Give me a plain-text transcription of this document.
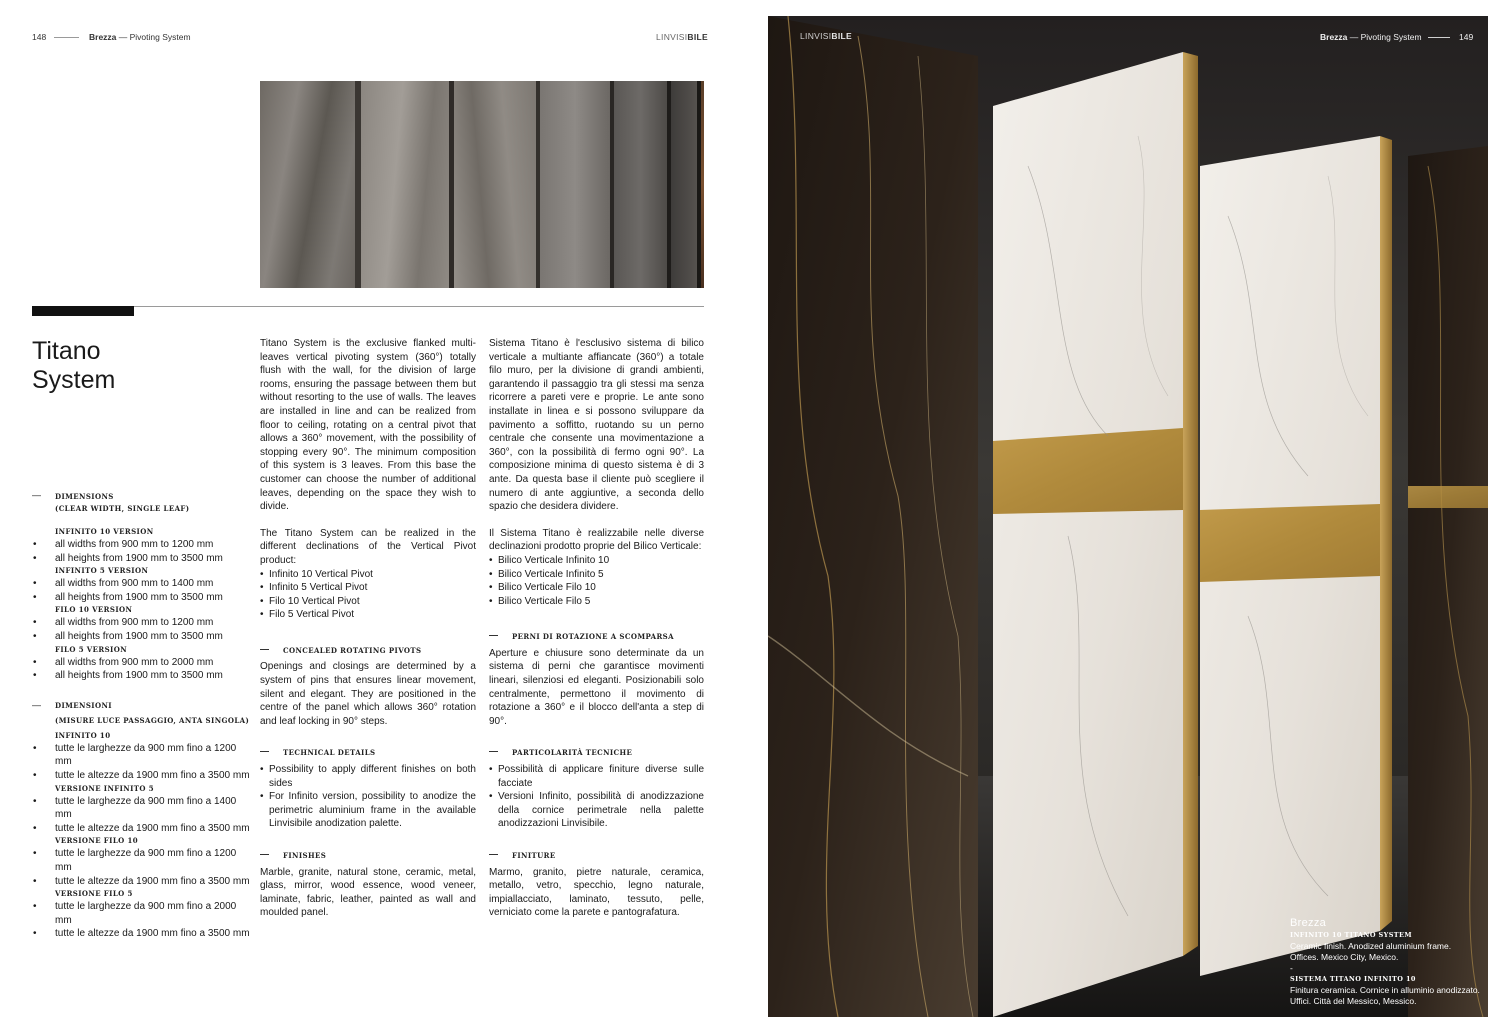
148	Brezza — Pivoting System	LINVISIBILE
Titano
System
— DIMENSIONS
(CLEAR WIDTH, SINGLE LEAF)
INFINITO 10 VERSION
• all widths from 900 mm to 1200 mm
• all heights from 1900 mm to 3500 mm
INFINITO 5 VERSION
• all widths from 900 mm to 1400 mm
• all heights from 1900 mm to 3500 mm
FILO 10 VERSION
• all widths from 900 mm to 1200 mm
• all heights from 1900 mm to 3500 mm
FILO 5 VERSION
• all widths from 900 mm to 2000 mm
• all heights from 1900 mm to 3500 mm
— DIMENSIONI
(MISURE LUCE PASSAGGIO, ANTA SINGOLA)
INFINITO 10
• tutte le larghezze da 900 mm fino a 1200 mm
• tutte le altezze da 1900 mm fino a 3500 mm
VERSIONE INFINITO 5
• tutte le larghezze da 900 mm fino a 1400 mm
• tutte le altezze da 1900 mm fino a 3500 mm
VERSIONE FILO 10
• tutte le larghezze da 900 mm fino a 1200 mm
• tutte le altezze da 1900 mm fino a 3500 mm
VERSIONE FILO 5
• tutte le larghezze da 900 mm fino a 2000 mm
• tutte le altezze da 1900 mm fino a 3500 mm

Titano System is the exclusive flanked multi-leaves vertical pivoting system (360°) totally flush with the wall, for the division of large rooms, ensuring the passage between them but without resorting to the use of walls. The leaves are installed in line and can be realized from floor to ceiling, rotating on a central pivot that allows a 360° movement, with the possibility of stopping every 90°. The minimum composition of this system is 3 leaves. From this base the customer can choose the number of additional leaves, depending on the space they wish to divide.

The Titano System can be realized in the different declinations of the Vertical Pivot product:

• Infinito 10 Vertical Pivot
• Infinito 5 Vertical Pivot
• Filo 10 Vertical Pivot
• Filo 5 Vertical Pivot
— CONCEALED ROTATING PIVOTS

Openings and closings are determined by a system of pins that ensures linear movement, silent and elegant. They are positioned in the centre of the panel which allows 360° rotation and leaf locking in 90° steps.

— TECHNICAL DETAILS
• Possibility to apply different finishes on both sides
• For Infinito version, possibility to anodize the perimetric aluminium frame in the available Linvisibile anodization palette.
— FINISHES

Marble, granite, natural stone, ceramic, metal, glass, mirror, wood essence, wood veneer, laminate, fabric, leather, painted as wall and moulded panel.

Sistema Titano è l'esclusivo sistema di bilico verticale a multiante affiancate (360°) a totale filo muro, per la divisione di grandi ambienti, garantendo il passaggio tra gli stessi ma senza ricorrere a pareti vere e proprie. Le ante sono installate in linea e si possono sviluppare da pavimento a soffitto, ruotando su un perno centrale che consente una movimentazione a 360°, con la possibilità di fermo ogni 90°. La composizione minima di questo sistema è di 3 ante. Da questa base il cliente può scegliere il numero di ante aggiuntive, a seconda dello spazio che desidera dividere.

Il Sistema Titano è realizzabile nelle diverse declinazioni prodotto proprie del Bilico Verticale:

• Bilico Verticale Infinito 10
• Bilico Verticale Infinito 5
• Bilico Verticale Filo 10
• Bilico Verticale Filo 5
— PERNI DI ROTAZIONE A SCOMPARSA

Aperture e chiusure sono determinate da un sistema di perni che garantisce movimenti lineari, silenziosi ed eleganti. Posizionabili solo centralmente, permettono il movimento di rotazione a 360° e il blocco dell'anta a step di 90°.

— PARTICOLARITÀ TECNICHE
• Possibilità di applicare finiture diverse sulle facciate
• Versioni Infinito, possibilità di anodizzazione della cornice perimetrale nella palette anodizzazioni Linvisibile.
— FINITURE

Marmo, granito, pietre naturale, ceramica, metallo, vetro, specchio, legno naturale, impiallacciato, laminato, tessuto, pelle, verniciato come la parete e pantografatura.

LINVISIBILE	Brezza — Pivoting System	149
Brezza
INFINITO 10 TITANO SYSTEM
Ceramic finish. Anodized aluminium frame. Offices. Mexico City, Mexico.
-
SISTEMA TITANO INFINITO 10
Finitura ceramica. Cornice in alluminio anodizzato. Uffici. Città del Messico, Messico.
